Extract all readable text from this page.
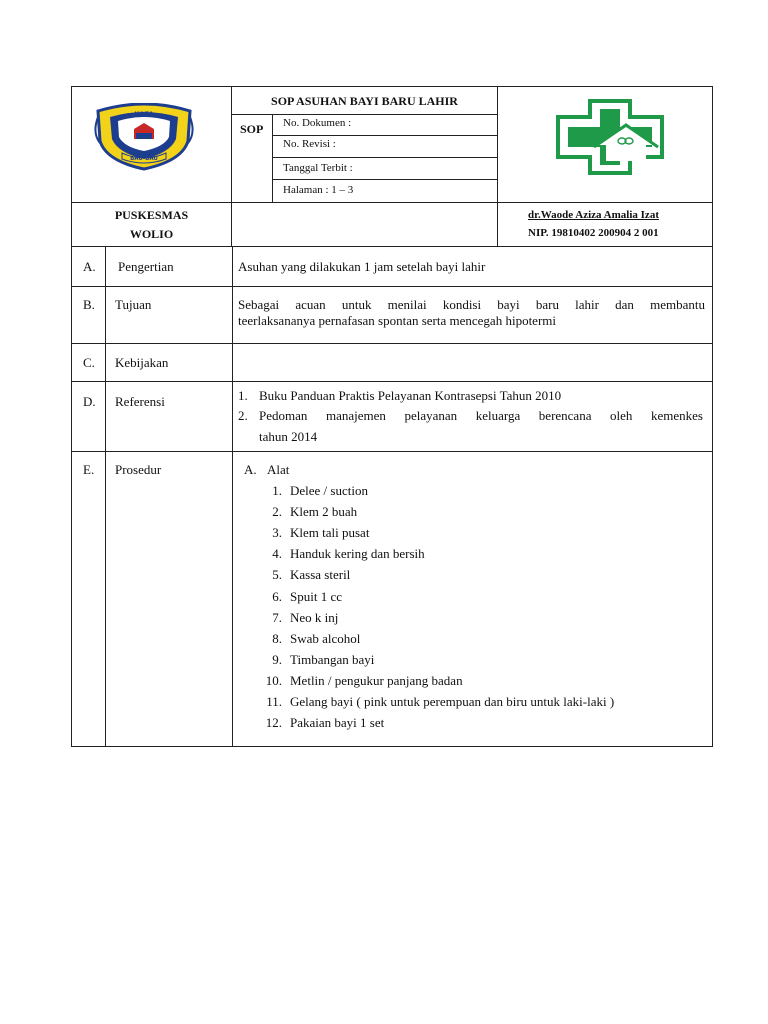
KOTA
BAU-BAU
SOP ASUHAN BAYI BARU LAHIR
SOP No. Dokumen :
No. Revisi :
Tanggal Terbit :
Halaman : 1 – 3
PUSKESMAS
WOLIO
dr.Waode Aziza Amalia Izat
NIP. 19810402 200904 2 001
A. Pengertian	Asuhan yang dilakukan 1 jam setelah bayi lahir
B. Tujuan	Sebagai acuan untuk menilai kondisi bayi baru lahir dan membantu
teerlaksananya pernafasan spontan serta mencegah hipotermi
C. Kebijakan
D. Referensi	1. Buku Panduan Praktis Pelayanan Kontrasepsi Tahun 2010
2. Pedoman manajemen pelayanan keluarga berencana oleh kemenkes
tahun 2014
E. Prosedur	A. Alat
1. Delee / suction
2. Klem 2 buah
3. Klem tali pusat
4. Handuk kering dan bersih
5. Kassa steril
6. Spuit 1 cc
7. Neo k inj
8. Swab alcohol
9. Timbangan bayi
10. Metlin / pengukur panjang badan
11. Gelang bayi ( pink untuk perempuan dan biru untuk laki-laki )
12. Pakaian bayi 1 set
